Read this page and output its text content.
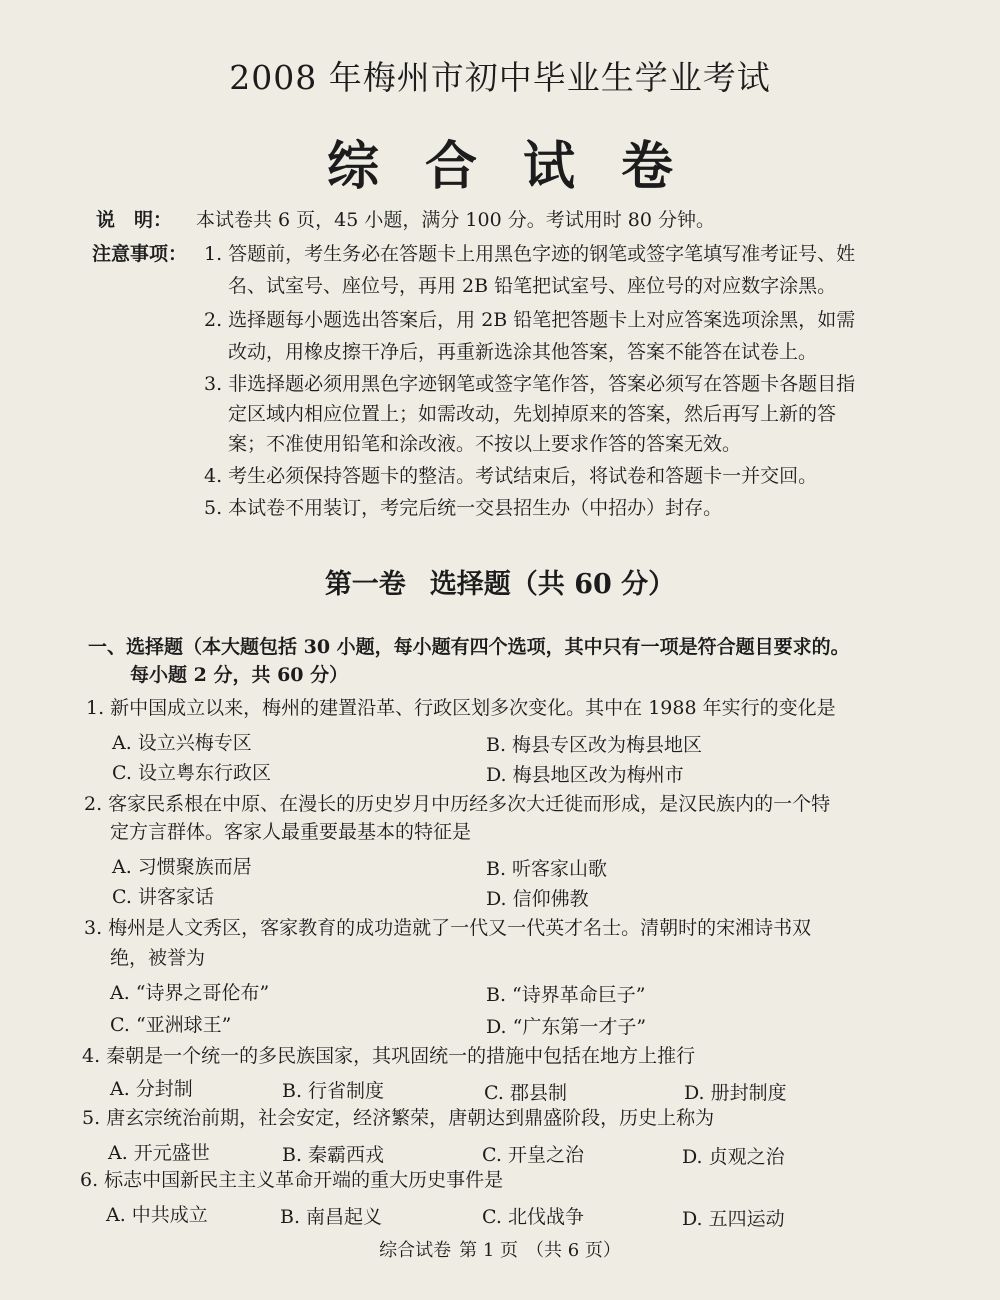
2008 年梅州市初中毕业生学业考试
综合试卷
说　明： 本试卷共 6 页，45 小题，满分 100 分。考试用时 80 分钟。
注意事项： 1. 答题前，考生务必在答题卡上用黑色字迹的钢笔或签字笔填写准考证号、姓
名、试室号、座位号，再用 2B 铅笔把试室号、座位号的对应数字涂黑。
2. 选择题每小题选出答案后，用 2B 铅笔把答题卡上对应答案选项涂黑，如需
改动，用橡皮擦干净后，再重新选涂其他答案，答案不能答在试卷上。
3. 非选择题必须用黑色字迹钢笔或签字笔作答，答案必须写在答题卡各题目指
定区域内相应位置上；如需改动，先划掉原来的答案，然后再写上新的答
案；不准使用铅笔和涂改液。不按以上要求作答的答案无效。
4. 考生必须保持答题卡的整洁。考试结束后，将试卷和答题卡一并交回。
5. 本试卷不用装订，考完后统一交县招生办（中招办）封存。
第一卷 选择题（共 60 分）
一、选择题（本大题包括 30 小题，每小题有四个选项，其中只有一项是符合题目要求的。
每小题 2 分，共 60 分）
1. 新中国成立以来，梅州的建置沿革、行政区划多次变化。其中在 1988 年实行的变化是
A. 设立兴梅专区	B. 梅县专区改为梅县地区
C. 设立粤东行政区	D. 梅县地区改为梅州市
2. 客家民系根在中原、在漫长的历史岁月中历经多次大迁徙而形成，是汉民族内的一个特
定方言群体。客家人最重要最基本的特征是
A. 习惯聚族而居	B. 听客家山歌
C. 讲客家话	D. 信仰佛教
3. 梅州是人文秀区，客家教育的成功造就了一代又一代英才名士。清朝时的宋湘诗书双
绝，被誉为
A. “诗界之哥伦布”	B. “诗界革命巨子”
C. “亚洲球王”	D. “广东第一才子”
4. 秦朝是一个统一的多民族国家，其巩固统一的措施中包括在地方上推行
A. 分封制	B. 行省制度	C. 郡县制	D. 册封制度
5. 唐玄宗统治前期，社会安定，经济繁荣，唐朝达到鼎盛阶段，历史上称为
A. 开元盛世	B. 秦霸西戎	C. 开皇之治	D. 贞观之治
6. 标志中国新民主主义革命开端的重大历史事件是
A. 中共成立	B. 南昌起义	C. 北伐战争	D. 五四运动
综合试卷 第 1 页 （共 6 页）
